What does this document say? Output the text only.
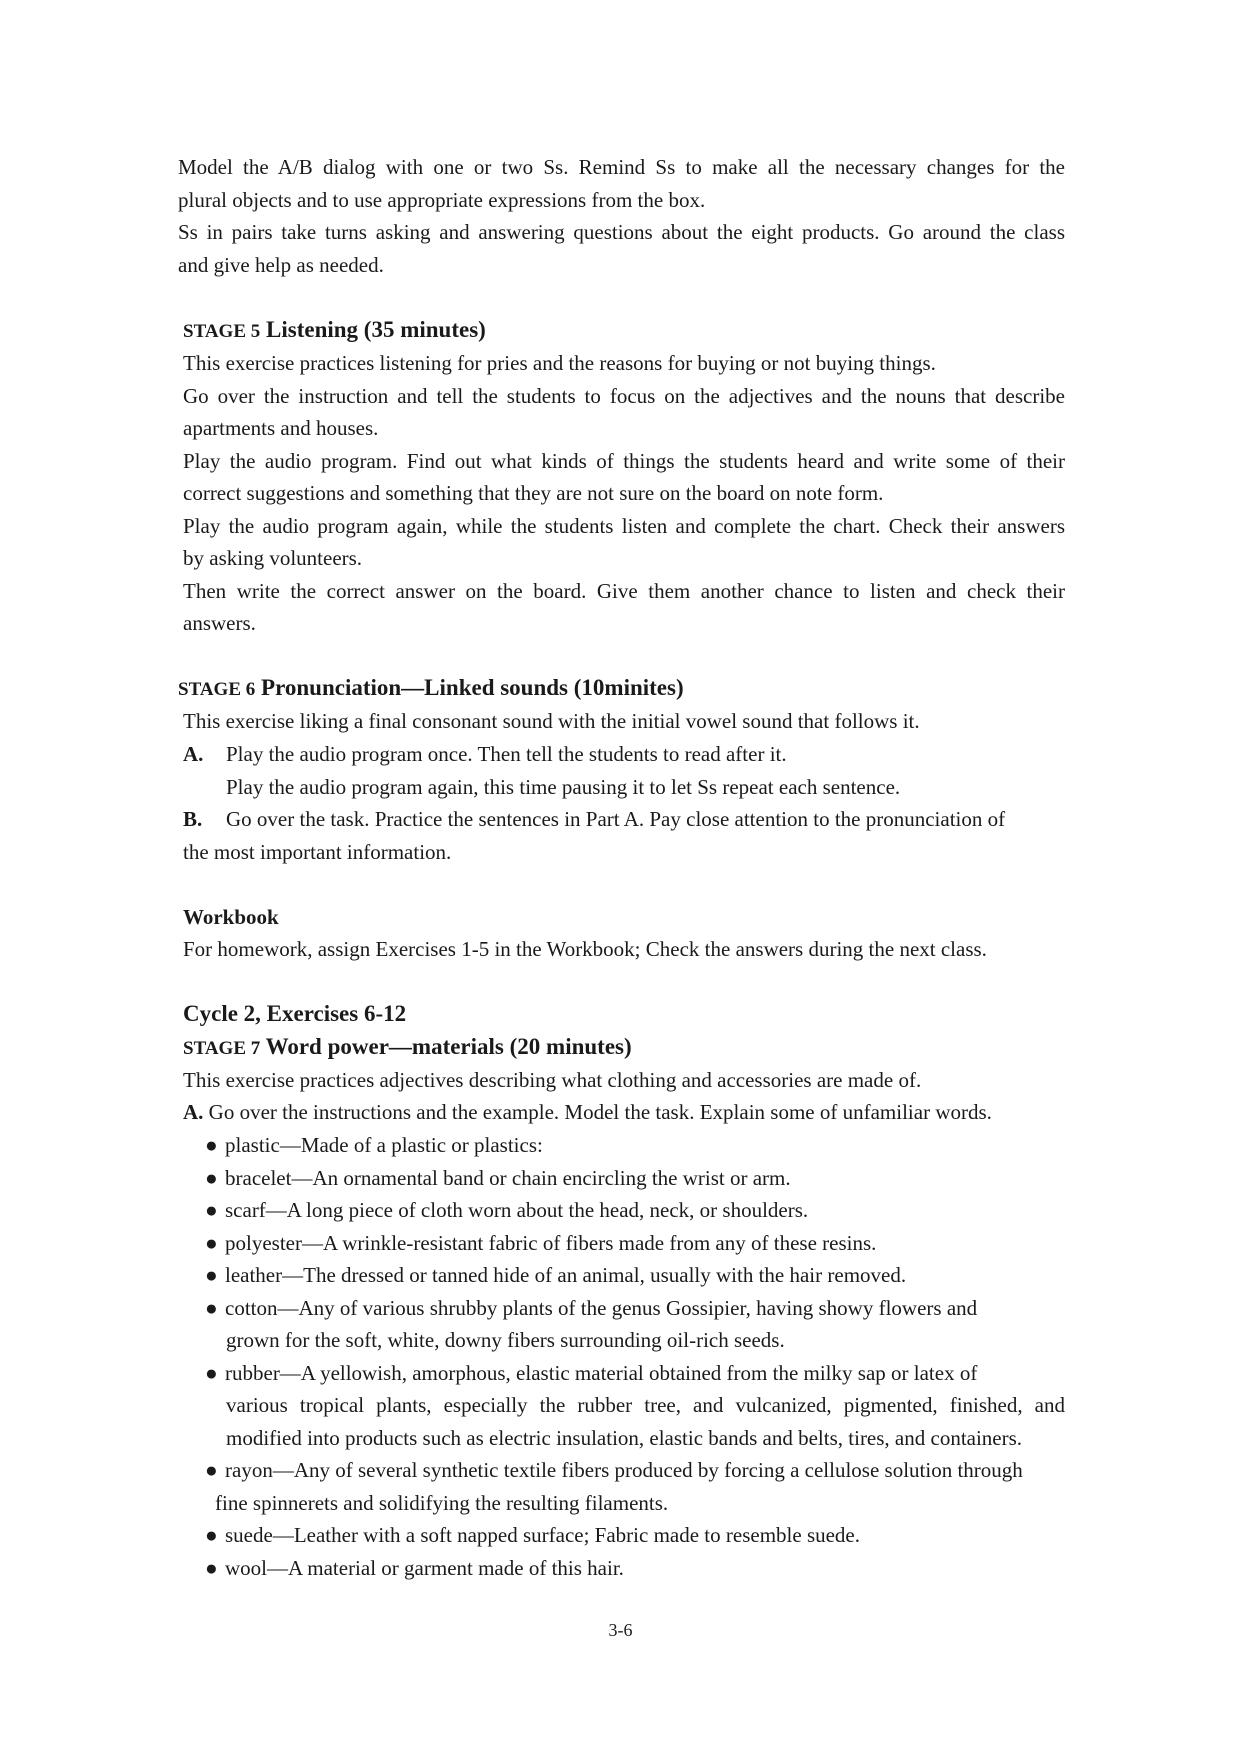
Model the A/B dialog with one or two Ss. Remind Ss to make all the necessary changes for the
plural objects and to use appropriate expressions from the box.
Ss in pairs take turns asking and answering questions about the eight products. Go around the class
and give help as needed.
STAGE 5 Listening (35 minutes)
This exercise practices listening for pries and the reasons for buying or not buying things.
Go over the instruction and tell the students to focus on the adjectives and the nouns that describe
apartments and houses.
Play the audio program. Find out what kinds of things the students heard and write some of their
correct suggestions and something that they are not sure on the board on note form.
Play the audio program again, while the students listen and complete the chart. Check their answers
by asking volunteers.
Then write the correct answer on the board. Give them another chance to listen and check their
answers.
STAGE 6 Pronunciation—Linked sounds (10minites)
This exercise liking a final consonant sound with the initial vowel sound that follows it.
A. Play the audio program once. Then tell the students to read after it.
Play the audio program again, this time pausing it to let Ss repeat each sentence.
B. Go over the task. Practice the sentences in Part A. Pay close attention to the pronunciation of
the most important information.
Workbook
For homework, assign Exercises 1-5 in the Workbook; Check the answers during the next class.
Cycle 2, Exercises 6-12
STAGE 7 Word power—materials (20 minutes)
This exercise practices adjectives describing what clothing and accessories are made of.
A. Go over the instructions and the example. Model the task. Explain some of unfamiliar words.
● plastic—Made of a plastic or plastics:
● bracelet—An ornamental band or chain encircling the wrist or arm.
● scarf—A long piece of cloth worn about the head, neck, or shoulders.
● polyester—A wrinkle-resistant fabric of fibers made from any of these resins.
● leather—The dressed or tanned hide of an animal, usually with the hair removed.
● cotton—Any of various shrubby plants of the genus Gossipier, having showy flowers and
grown for the soft, white, downy fibers surrounding oil-rich seeds.
● rubber—A yellowish, amorphous, elastic material obtained from the milky sap or latex of
various tropical plants, especially the rubber tree, and vulcanized, pigmented, finished, and
modified into products such as electric insulation, elastic bands and belts, tires, and containers.
● rayon—Any of several synthetic textile fibers produced by forcing a cellulose solution through
fine spinnerets and solidifying the resulting filaments.
● suede—Leather with a soft napped surface; Fabric made to resemble suede.
● wool—A material or garment made of this hair.
3-6
